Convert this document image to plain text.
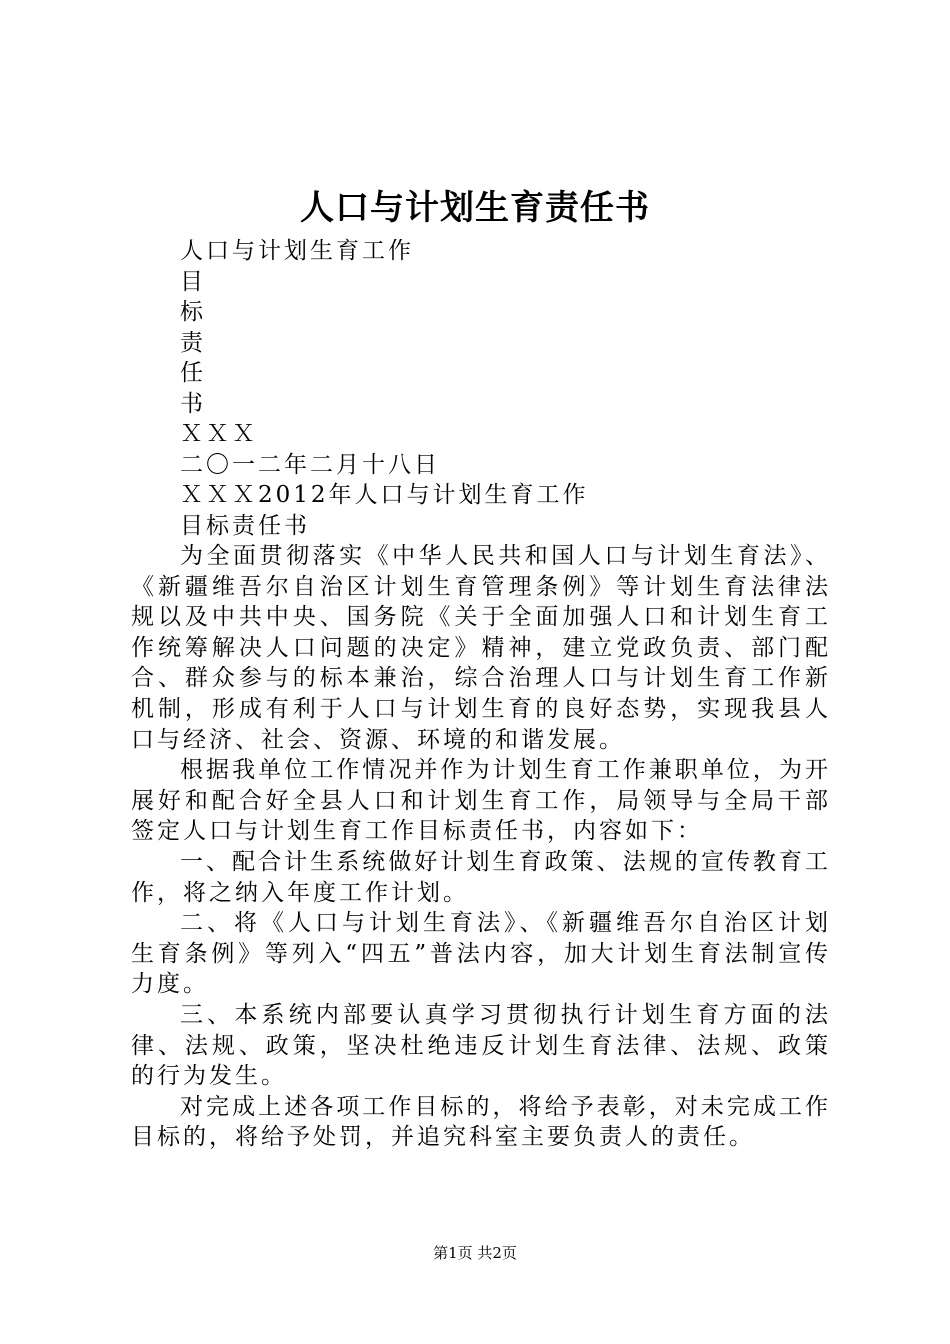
人口与计划生育责任书
人口与计划生育工作
目
标
责
任
书
ＸＸＸ
二〇一二年二月十八日
ＸＸＸ2012年人口与计划生育工作
目标责任书

为全面贯彻落实《中华人民共和国人口与计划生育法》、《新疆维吾尔自治区计划生育管理条例》等计划生育法律法规以及中共中央、国务院《关于全面加强人口和计划生育工作统筹解决人口问题的决定》精神，建立党政负责、部门配合、群众参与的标本兼治，综合治理人口与计划生育工作新机制，形成有利于人口与计划生育的良好态势，实现我县人口与经济、社会、资源、环境的和谐发展。

根据我单位工作情况并作为计划生育工作兼职单位，为开展好和配合好全县人口和计划生育工作，局领导与全局干部签定人口与计划生育工作目标责任书，内容如下：

一、配合计生系统做好计划生育政策、法规的宣传教育工作，将之纳入年度工作计划。

二、将《人口与计划生育法》、《新疆维吾尔自治区计划生育条例》等列入“四五”普法内容，加大计划生育法制宣传力度。

三、本系统内部要认真学习贯彻执行计划生育方面的法律、法规、政策，坚决杜绝违反计划生育法律、法规、政策的行为发生。

对完成上述各项工作目标的，将给予表彰，对未完成工作目标的，将给予处罚，并追究科室主要负责人的责任。

第1页 共2页
